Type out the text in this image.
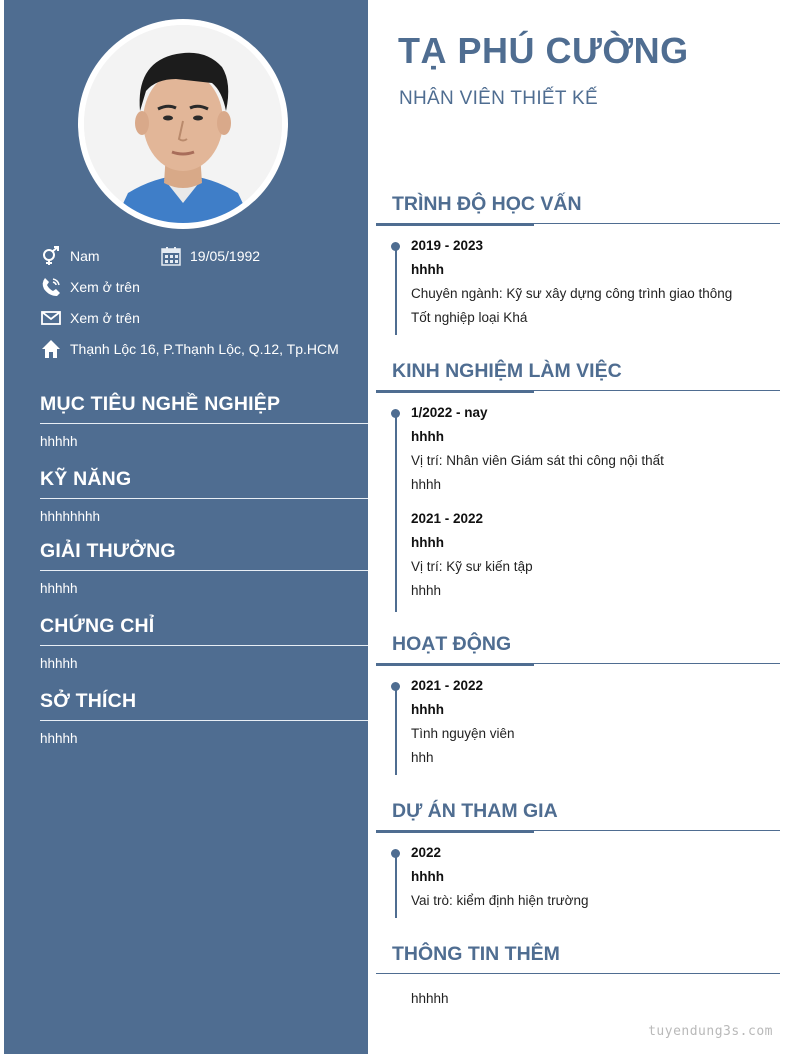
Nam	19/05/1992
Xem ở trên
Xem ở trên
Thạnh Lộc 16, P.Thạnh Lộc, Q.12, Tp.HCM
MỤC TIÊU NGHỀ NGHIỆP
hhhhh
KỸ NĂNG
hhhhhhhh
GIẢI THƯỞNG
hhhhh
CHỨNG CHỈ
hhhhh
SỞ THÍCH
hhhhh
TẠ PHÚ CƯỜNG
NHÂN VIÊN THIẾT KẾ
TRÌNH ĐỘ HỌC VẤN
2019 - 2023
hhhh
Chuyên ngành: Kỹ sư xây dựng công trình giao thông
Tốt nghiệp loại Khá
KINH NGHIỆM LÀM VIỆC
1/2022 - nay
hhhh
Vị trí: Nhân viên Giám sát thi công nội thất
hhhh
2021 - 2022
hhhh
Vị trí: Kỹ sư kiến tập
hhhh
HOẠT ĐỘNG
2021 - 2022
hhhh
Tình nguyện viên
hhh
DỰ ÁN THAM GIA
2022
hhhh
Vai trò: kiểm định hiện trường
THÔNG TIN THÊM
hhhhh
tuyendung3s.com
